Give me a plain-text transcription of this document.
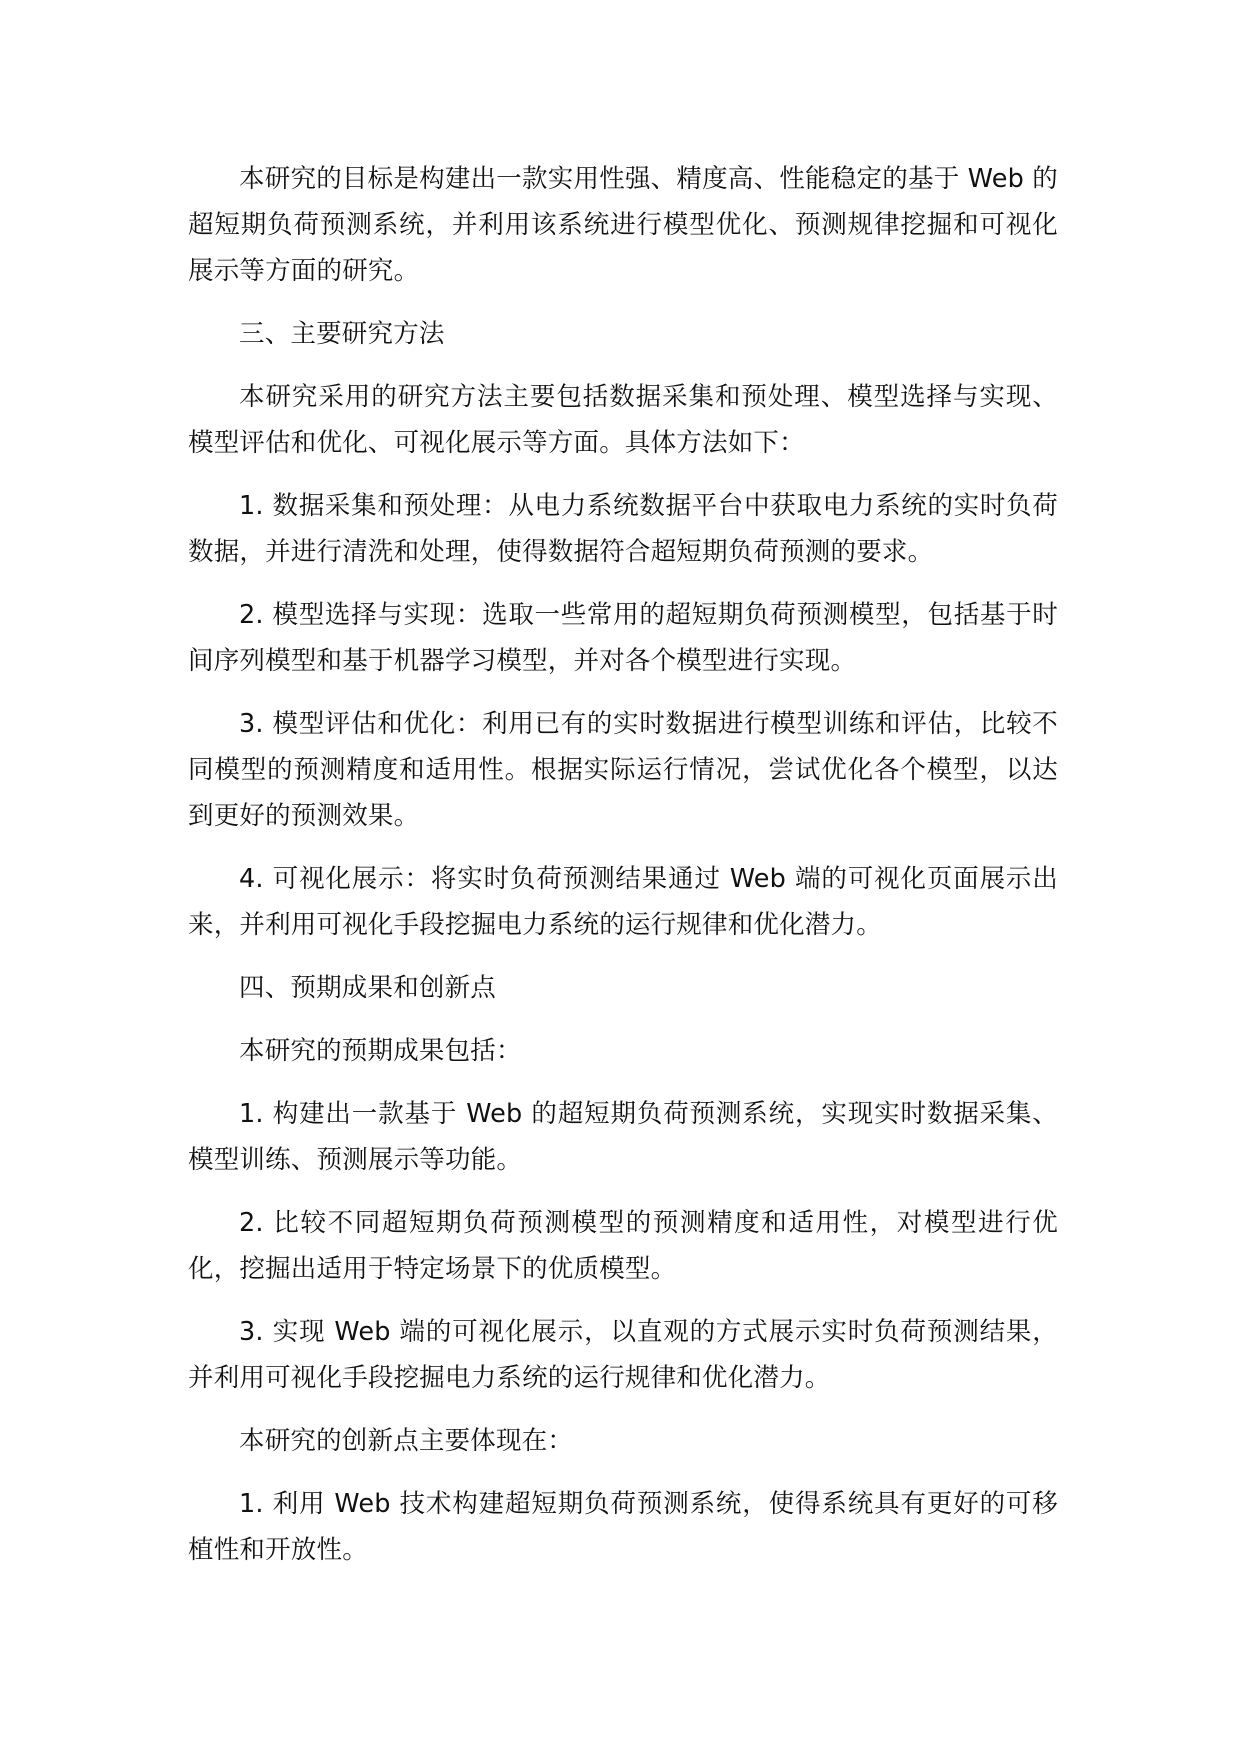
本研究的目标是构建出一款实用性强、精度高、性能稳定的基于 Web 的超短期负荷预测系统，并利用该系统进行模型优化、预测规律挖掘和可视化展示等方面的研究。

三、主要研究方法

本研究采用的研究方法主要包括数据采集和预处理、模型选择与实现、模型评估和优化、可视化展示等方面。具体方法如下：

1. 数据采集和预处理：从电力系统数据平台中获取电力系统的实时负荷数据，并进行清洗和处理，使得数据符合超短期负荷预测的要求。

2. 模型选择与实现：选取一些常用的超短期负荷预测模型，包括基于时间序列模型和基于机器学习模型，并对各个模型进行实现。

3. 模型评估和优化：利用已有的实时数据进行模型训练和评估，比较不同模型的预测精度和适用性。根据实际运行情况，尝试优化各个模型，以达到更好的预测效果。

4. 可视化展示：将实时负荷预测结果通过 Web 端的可视化页面展示出来，并利用可视化手段挖掘电力系统的运行规律和优化潜力。

四、预期成果和创新点

本研究的预期成果包括：

1. 构建出一款基于 Web 的超短期负荷预测系统，实现实时数据采集、模型训练、预测展示等功能。

2. 比较不同超短期负荷预测模型的预测精度和适用性，对模型进行优化，挖掘出适用于特定场景下的优质模型。

3. 实现 Web 端的可视化展示，以直观的方式展示实时负荷预测结果，并利用可视化手段挖掘电力系统的运行规律和优化潜力。

本研究的创新点主要体现在：

1. 利用 Web 技术构建超短期负荷预测系统，使得系统具有更好的可移植性和开放性。
